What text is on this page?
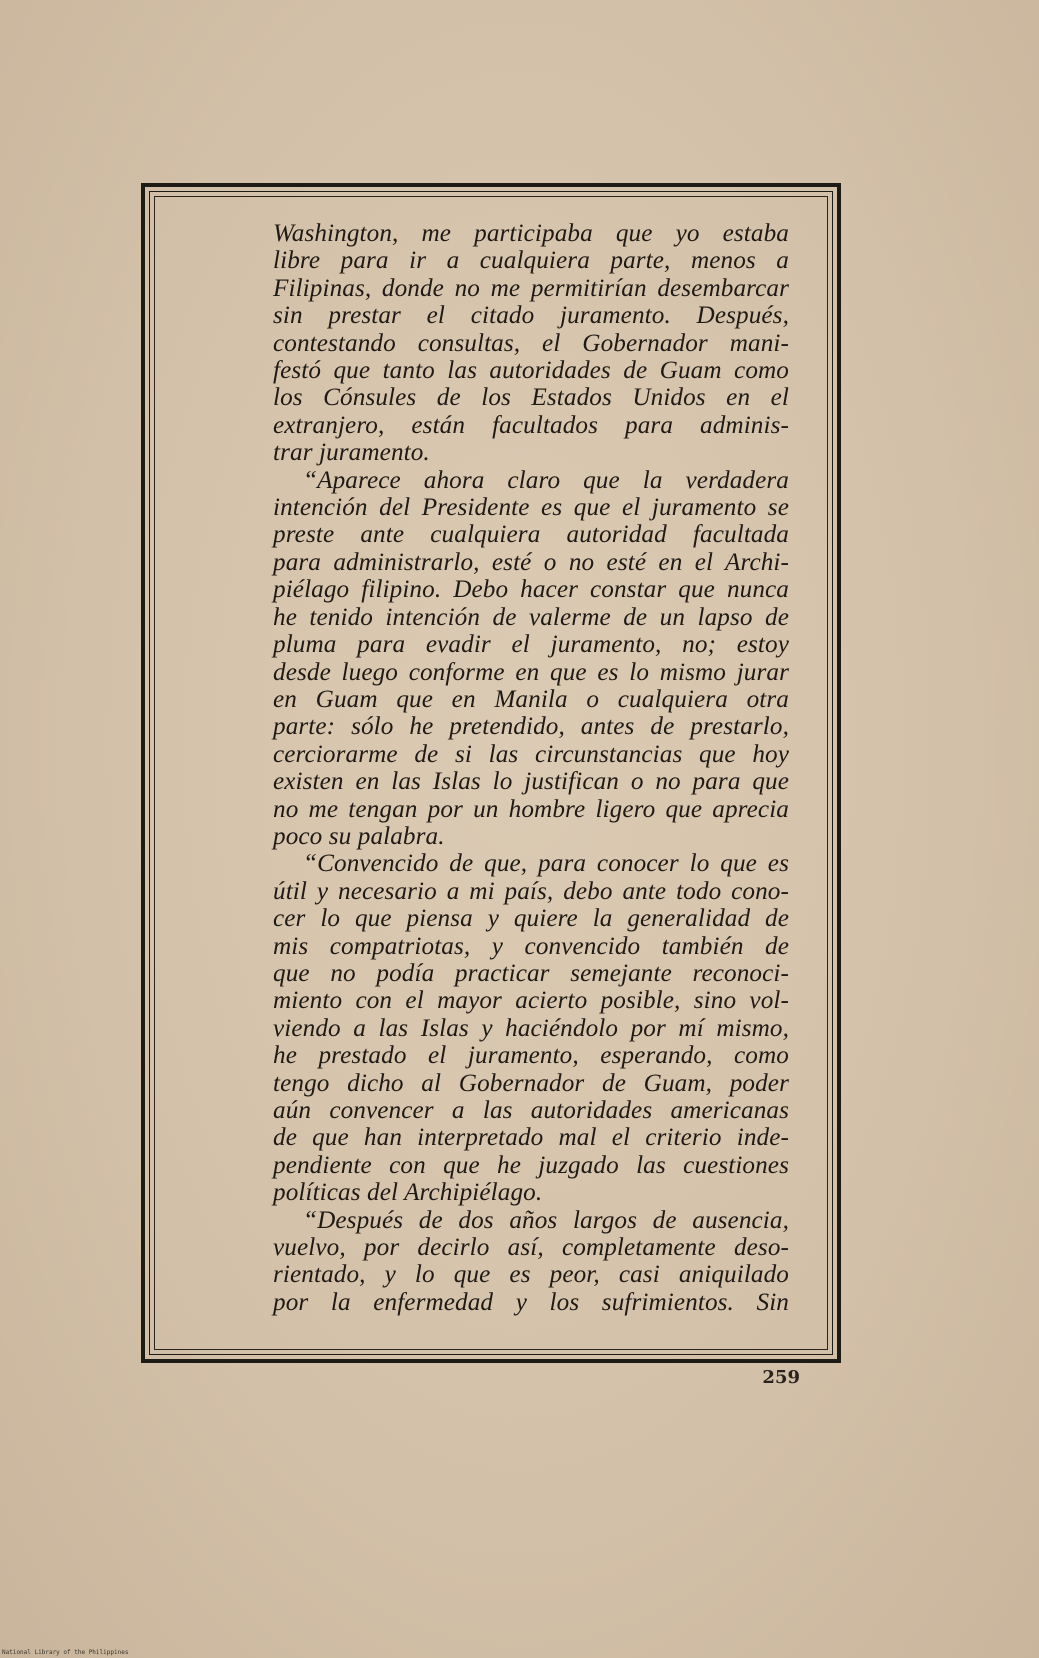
Washington, me participaba que yo estaba
libre para ir a cualquiera parte, menos a
Filipinas, donde no me permitirían desembarcar
sin prestar el citado juramento. Después,
contestando consultas, el Gobernador mani-
festó que tanto las autoridades de Guam como
los Cónsules de los Estados Unidos en el
extranjero, están facultados para adminis-
trar juramento.
“Aparece ahora claro que la verdadera
intención del Presidente es que el juramento se
preste ante cualquiera autoridad facultada
para administrarlo, esté o no esté en el Archi-
piélago filipino. Debo hacer constar que nunca
he tenido intención de valerme de un lapso de
pluma para evadir el juramento, no; estoy
desde luego conforme en que es lo mismo jurar
en Guam que en Manila o cualquiera otra
parte: sólo he pretendido, antes de prestarlo,
cerciorarme de si las circunstancias que hoy
existen en las Islas lo justifican o no para que
no me tengan por un hombre ligero que aprecia
poco su palabra.
“Convencido de que, para conocer lo que es
útil y necesario a mi país, debo ante todo cono-
cer lo que piensa y quiere la generalidad de
mis compatriotas, y convencido también de
que no podía practicar semejante reconoci-
miento con el mayor acierto posible, sino vol-
viendo a las Islas y haciéndolo por mí mismo,
he prestado el juramento, esperando, como
tengo dicho al Gobernador de Guam, poder
aún convencer a las autoridades americanas
de que han interpretado mal el criterio inde-
pendiente con que he juzgado las cuestiones
políticas del Archipiélago.
“Después de dos años largos de ausencia,
vuelvo, por decirlo así, completamente deso-
rientado, y lo que es peor, casi aniquilado
por la enfermedad y los sufrimientos. Sin
259
National Library of the Philippines
